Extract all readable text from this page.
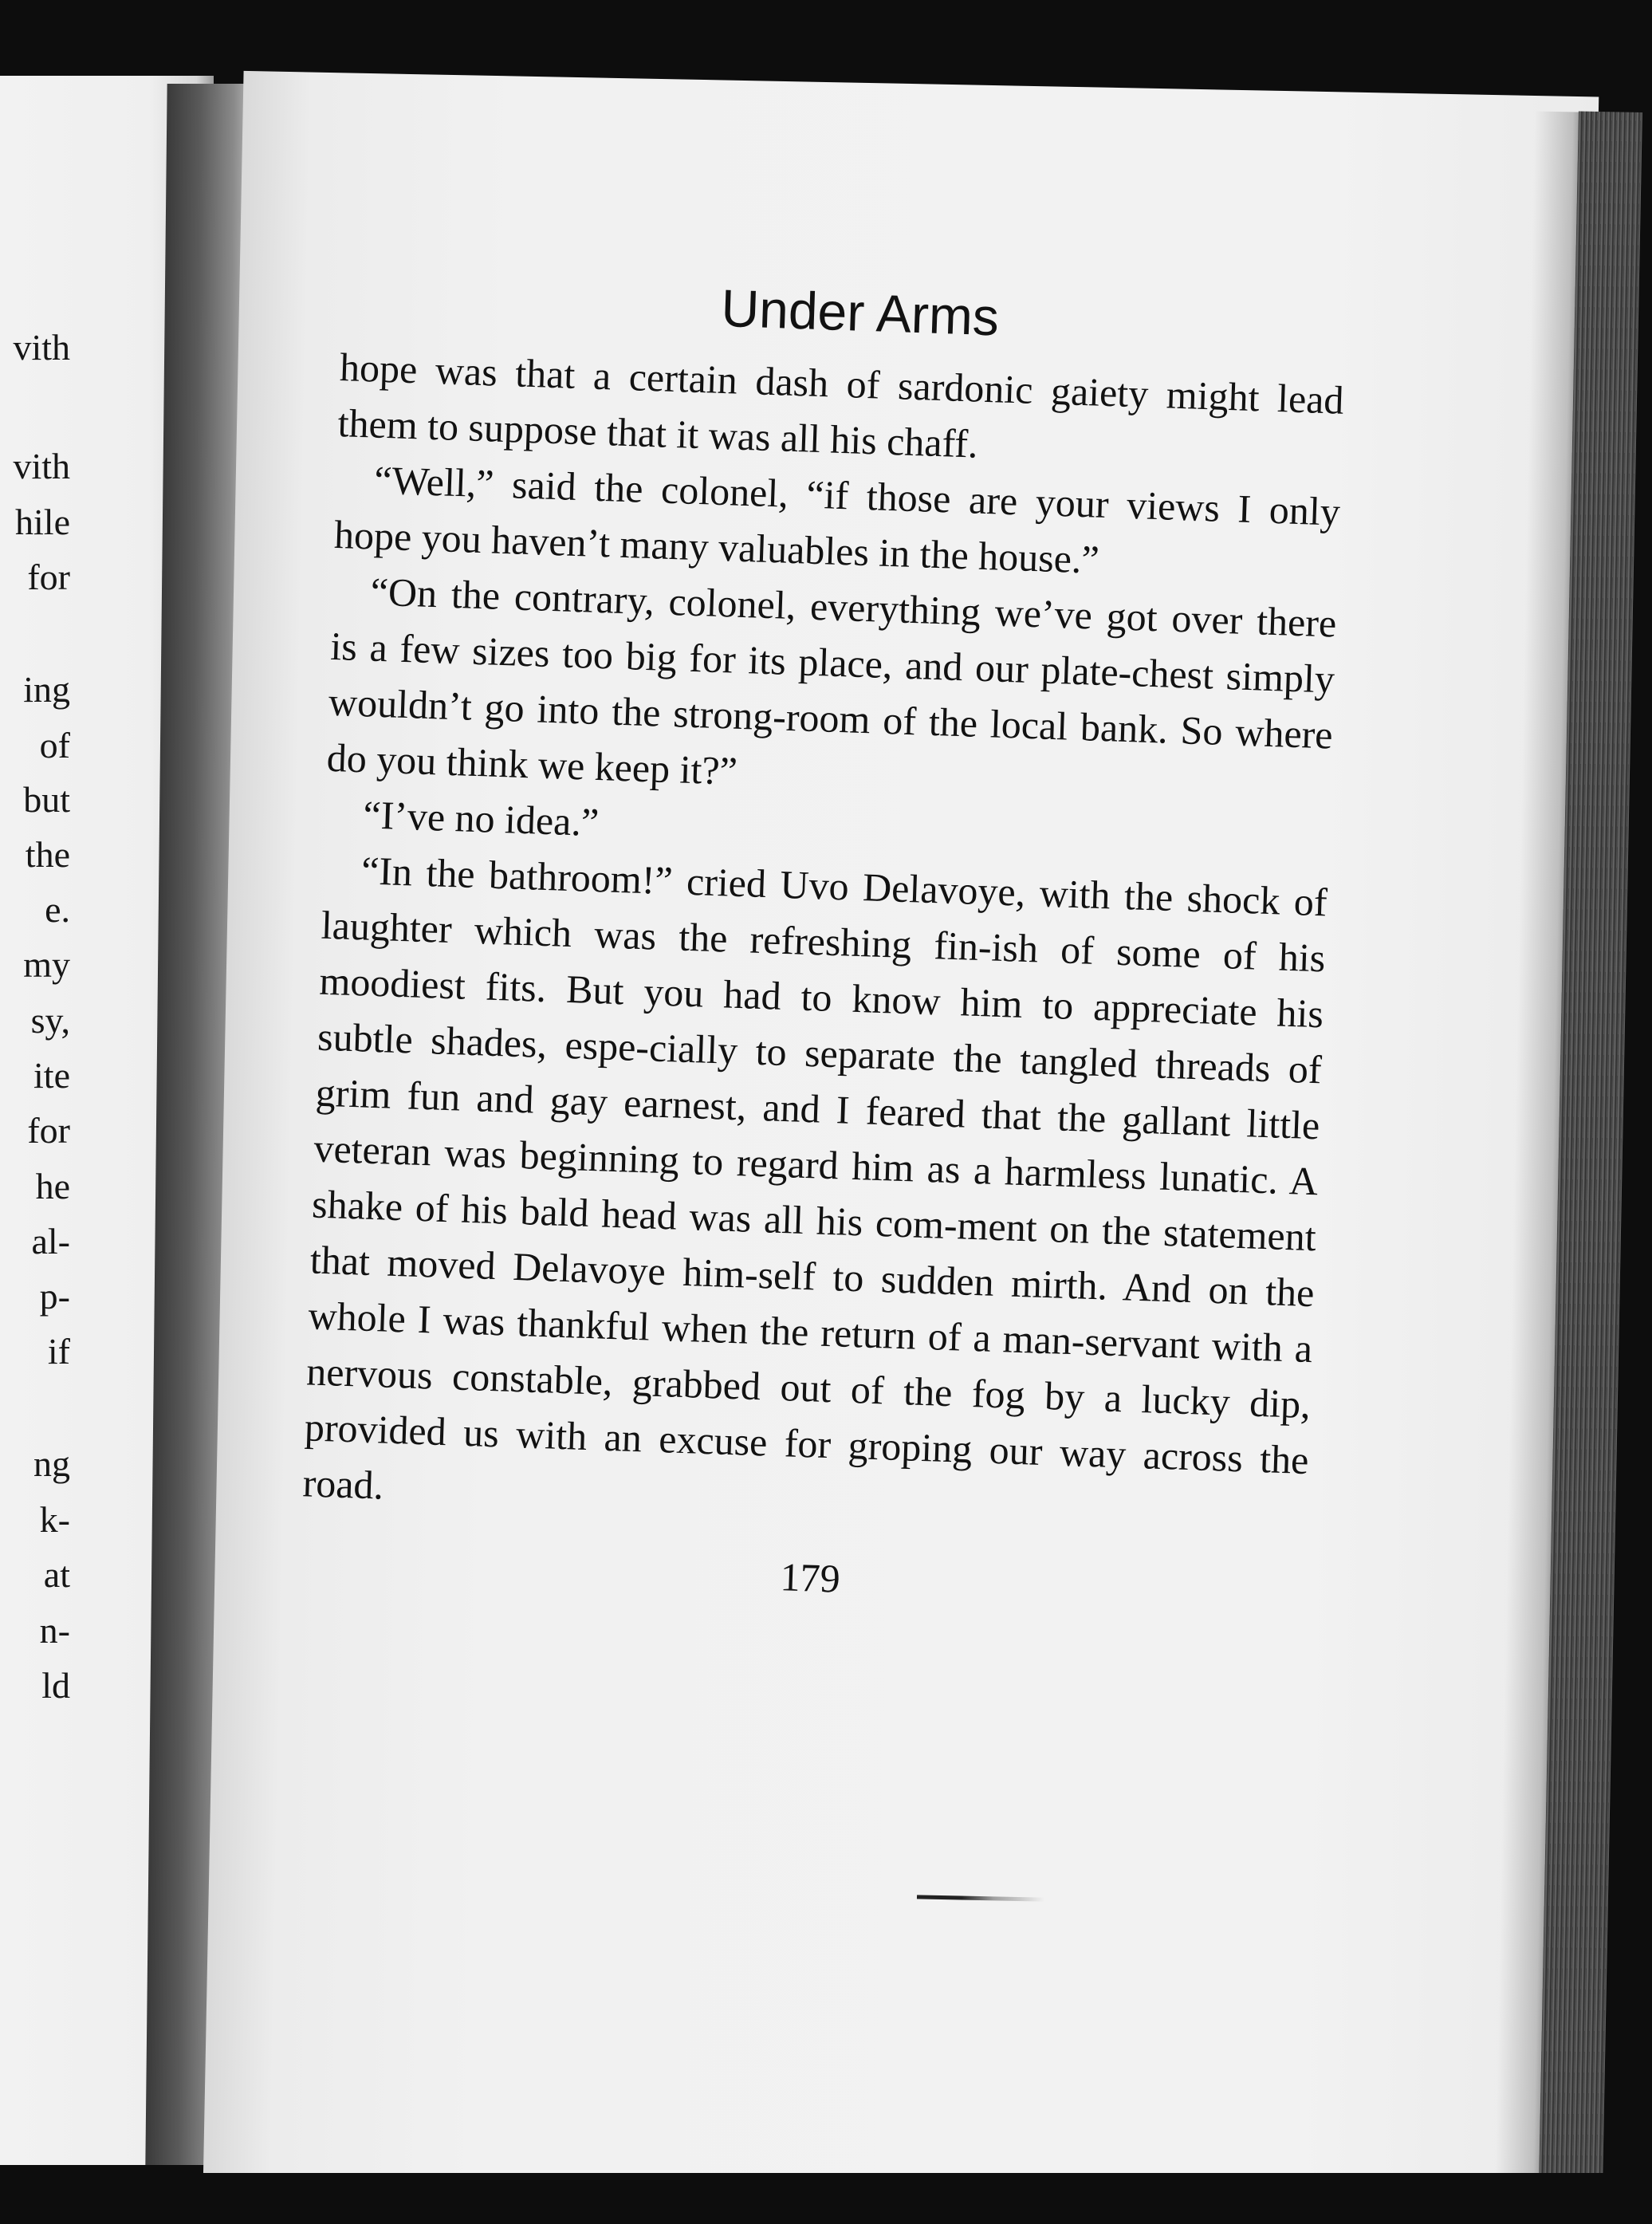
vith
vith
hile
for
ing
of
but
the
e.
my
sy,
ite
for
he
al-
p-
if
ng
k-
at
n-
ld
Under Arms

hope was that a certain dash of sardonic gaiety might lead them to suppose that it was all his chaff.

“Well,” said the colonel, “if those are your views I only hope you haven’t many valuables in the house.”

“On the contrary, colonel, everything we’ve got over there is a few sizes too big for its place, and our plate-chest simply wouldn’t go into the strong-room of the local bank. So where do you think we keep it?”

“I’ve no idea.”

“In the bathroom!” cried Uvo Delavoye, with the shock of laughter which was the refreshing fin-ish of some of his moodiest fits. But you had to know him to appreciate his subtle shades, espe-cially to separate the tangled threads of grim fun and gay earnest, and I feared that the gallant little veteran was beginning to regard him as a harmless lunatic. A shake of his bald head was all his com-ment on the statement that moved Delavoye him-self to sudden mirth. And on the whole I was thankful when the return of a man-servant with a nervous constable, grabbed out of the fog by a lucky dip, provided us with an excuse for groping our way across the road.

179
